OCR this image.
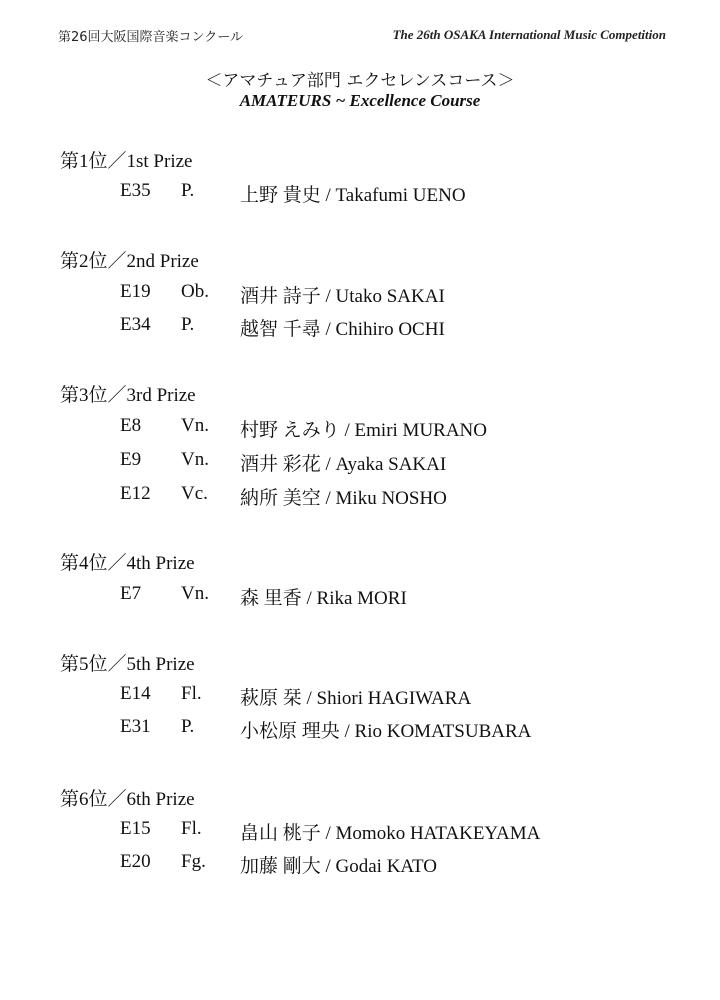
第26回大阪国際音楽コンクール	The 26th OSAKA International Music Competition
＜アマチュア部門 エクセレンスコース＞
AMATEURS ~ Excellence Course
第1位／1st Prize
E35 P. 上野 貴史 / Takafumi UENO
第2位／2nd Prize
E19 Ob. 酒井 詩子 / Utako SAKAI
E34 P. 越智 千尋 / Chihiro OCHI
第3位／3rd Prize
E8 Vn. 村野 えみり / Emiri MURANO
E9 Vn. 酒井 彩花 / Ayaka SAKAI
E12 Vc. 納所 美空 / Miku NOSHO
第4位／4th Prize
E7 Vn. 森 里香 / Rika MORI
第5位／5th Prize
E14 Fl. 萩原 栞 / Shiori HAGIWARA
E31 P. 小松原 理央 / Rio KOMATSUBARA
第6位／6th Prize
E15 Fl. 畠山 桃子 / Momoko HATAKEYAMA
E20 Fg. 加藤 剛大 / Godai KATO
